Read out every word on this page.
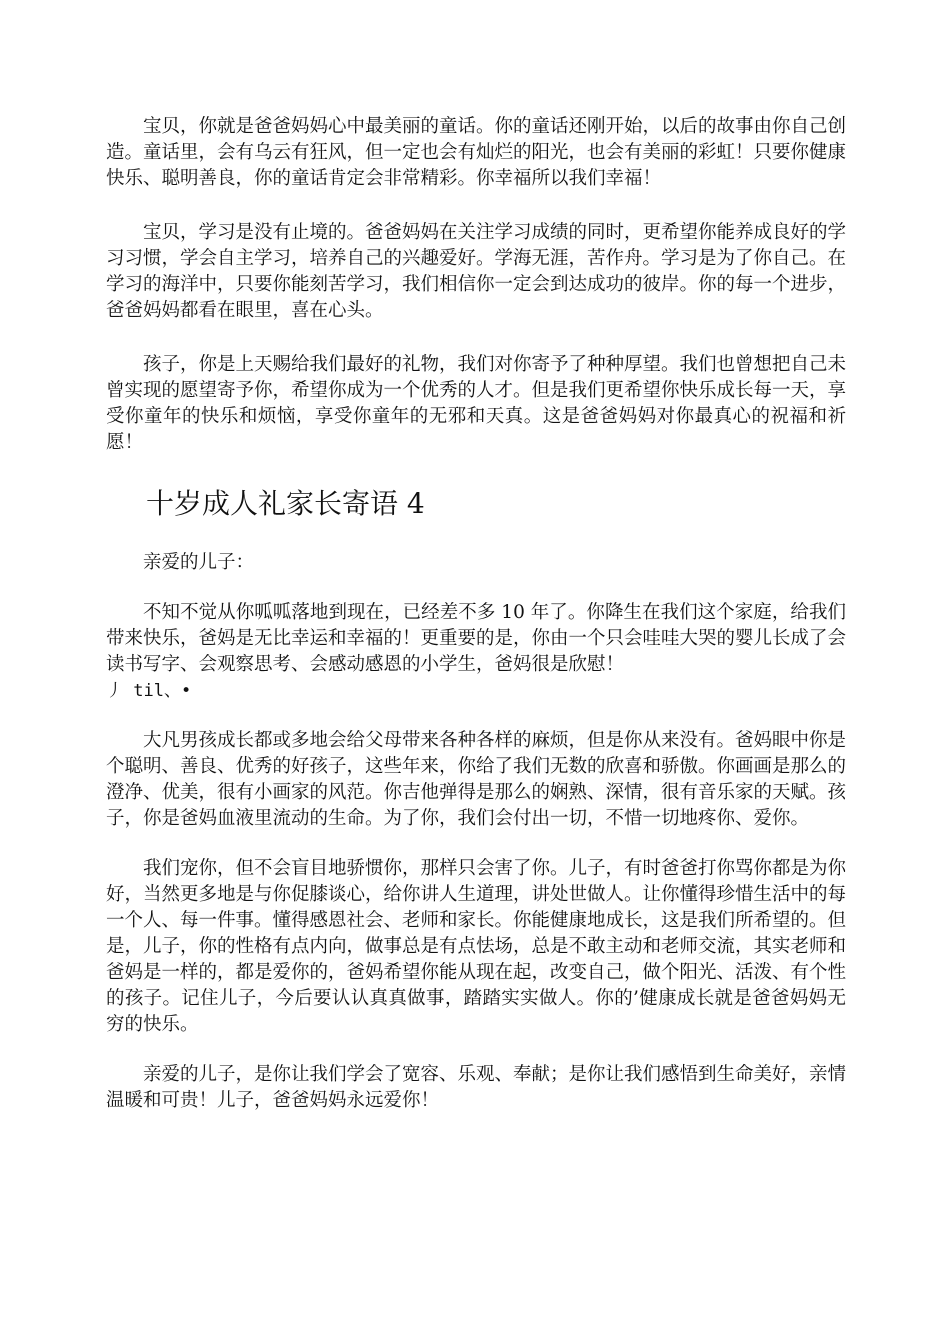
宝贝，你就是爸爸妈妈心中最美丽的童话。你的童话还刚开始，以后的故事由你自己创造。童话里，会有乌云有狂风，但一定也会有灿烂的阳光，也会有美丽的彩虹！只要你健康快乐、聪明善良，你的童话肯定会非常精彩。你幸福所以我们幸福！

宝贝，学习是没有止境的。爸爸妈妈在关注学习成绩的同时，更希望你能养成良好的学习习惯，学会自主学习，培养自己的兴趣爱好。学海无涯，苦作舟。学习是为了你自己。在学习的海洋中，只要你能刻苦学习，我们相信你一定会到达成功的彼岸。你的每一个进步，爸爸妈妈都看在眼里，喜在心头。

孩子，你是上天赐给我们最好的礼物，我们对你寄予了种种厚望。我们也曾想把自己未曾实现的愿望寄予你，希望你成为一个优秀的人才。但是我们更希望你快乐成长每一天，享受你童年的快乐和烦恼，享受你童年的无邪和天真。这是爸爸妈妈对你最真心的祝福和祈愿！

十岁成人礼家长寄语 4

亲爱的儿子：

不知不觉从你呱呱落地到现在，已经差不多 10 年了。你降生在我们这个家庭，给我们带来快乐，爸妈是无比幸运和幸福的！更重要的是，你由一个只会哇哇大哭的婴儿长成了会读书写字、会观察思考、会感动感恩的小学生，爸妈很是欣慰！
丿 til、•

大凡男孩成长都或多地会给父母带来各种各样的麻烦，但是你从来没有。爸妈眼中你是个聪明、善良、优秀的好孩子，这些年来，你给了我们无数的欣喜和骄傲。你画画是那么的澄净、优美，很有小画家的风范。你吉他弹得是那么的娴熟、深情，很有音乐家的天赋。孩子，你是爸妈血液里流动的生命。为了你，我们会付出一切，不惜一切地疼你、爱你。

我们宠你，但不会盲目地骄惯你，那样只会害了你。儿子，有时爸爸打你骂你都是为你好，当然更多地是与你促膝谈心，给你讲人生道理，讲处世做人。让你懂得珍惜生活中的每一个人、每一件事。懂得感恩社会、老师和家长。你能健康地成长，这是我们所希望的。但是，儿子，你的性格有点内向，做事总是有点怯场，总是不敢主动和老师交流，其实老师和爸妈是一样的，都是爱你的，爸妈希望你能从现在起，改变自己，做个阳光、活泼、有个性的孩子。记住儿子，今后要认认真真做事，踏踏实实做人。你的’健康成长就是爸爸妈妈无穷的快乐。

亲爱的儿子，是你让我们学会了宽容、乐观、奉献；是你让我们感悟到生命美好，亲情温暖和可贵！儿子，爸爸妈妈永远爱你！
